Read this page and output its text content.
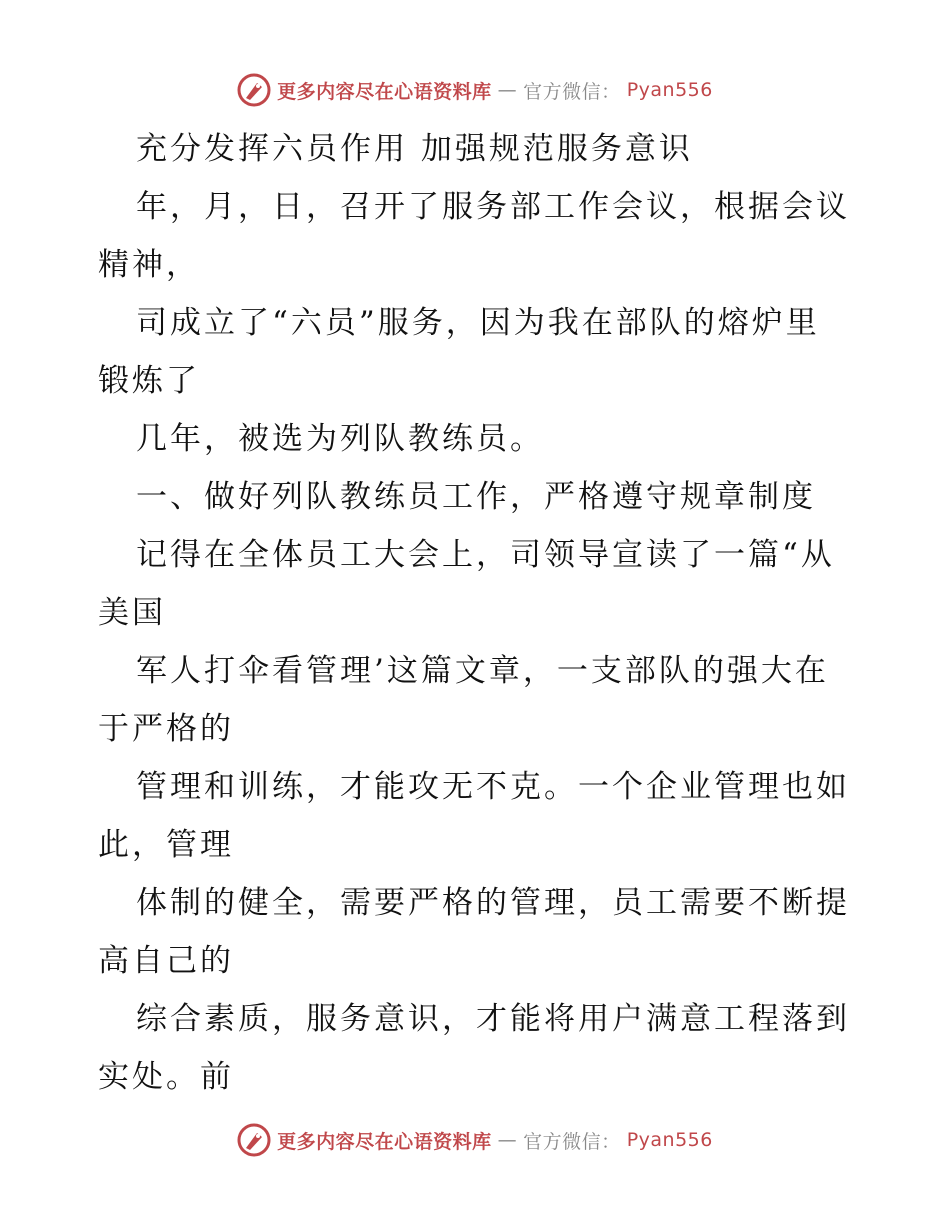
更多内容尽在心语资料库 — 官方微信： Pyan556
充分发挥六员作用 加强规范服务意识
年，月，日，召开了服务部工作会议，根据会议
精神，
司成立了“六员”服务，因为我在部队的熔炉里
锻炼了
几年，被选为列队教练员。
一、做好列队教练员工作，严格遵守规章制度
记得在全体员工大会上，司领导宣读了一篇“从
美国
军人打伞看管理’这篇文章，一支部队的强大在
于严格的
管理和训练，才能攻无不克。一个企业管理也如
此，管理
体制的健全，需要严格的管理，员工需要不断提
高自己的
综合素质，服务意识，才能将用户满意工程落到
实处。前
更多内容尽在心语资料库 — 官方微信： Pyan556
